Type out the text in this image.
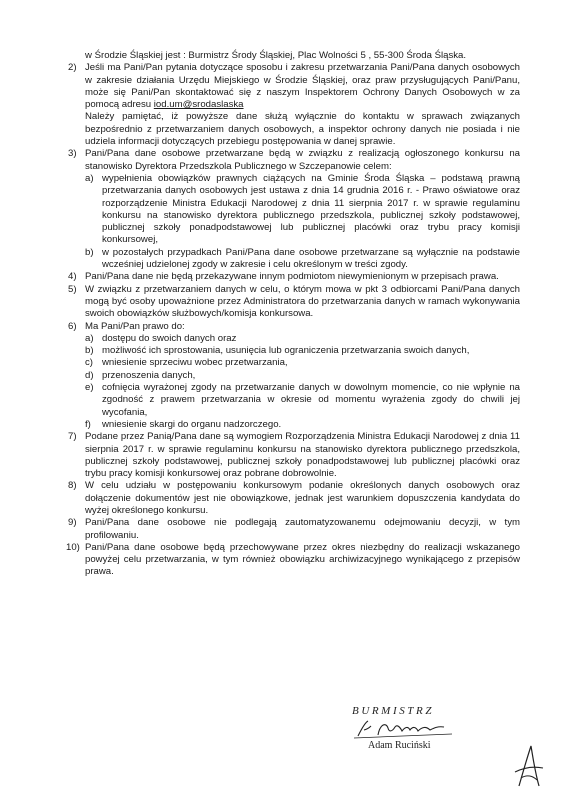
w Środzie Śląskiej jest : Burmistrz Środy Śląskiej, Plac Wolności 5 , 55-300 Środa Śląska.
2) Jeśli ma Pani/Pan pytania dotyczące sposobu i zakresu przetwarzania Pani/Pana danych osobowych w zakresie działania Urzędu Miejskiego w Środzie Śląskiej, oraz praw przysługujących Pani/Panu, może się Pani/Pan skontaktować się z naszym Inspektorem Ochrony Danych Osobowych w za pomocą adresu iod.um@srodaslaska
Należy pamiętać, iż powyższe dane służą wyłącznie do kontaktu w sprawach związanych bezpośrednio z przetwarzaniem danych osobowych, a inspektor ochrony danych nie posiada i nie udziela informacji dotyczących przebiegu postępowania w danej sprawie.
3) Pani/Pana dane osobowe przetwarzane będą w związku z realizacją ogłoszonego konkursu na stanowisko Dyrektora Przedszkola Publicznego w Szczepanowie celem:
a) wypełnienia obowiązków prawnych ciążących na Gminie Środa Śląska – podstawą prawną przetwarzania danych osobowych jest ustawa z dnia 14 grudnia 2016 r. - Prawo oświatowe oraz rozporządzenie Ministra Edukacji Narodowej z dnia 11 sierpnia 2017 r. w sprawie regulaminu konkursu na stanowisko dyrektora publicznego przedszkola, publicznej szkoły podstawowej, publicznej szkoły ponadpodstawowej lub publicznej placówki oraz trybu pracy komisji konkursowej,
b) w pozostałych przypadkach Pani/Pana dane osobowe przetwarzane są wyłącznie na podstawie wcześniej udzielonej zgody w zakresie i celu określonym w treści zgody.
4) Pani/Pana dane nie będą przekazywane innym podmiotom niewymienionym w przepisach prawa.
5) W związku z przetwarzaniem danych w celu, o którym mowa w pkt 3 odbiorcami Pani/Pana danych mogą być osoby upoważnione przez Administratora do przetwarzania danych w ramach wykonywania swoich obowiązków służbowych/komisja konkursowa.
6) Ma Pani/Pan prawo do:
a) dostępu do swoich danych oraz
b) możliwość ich sprostowania, usunięcia lub ograniczenia przetwarzania swoich danych,
c) wniesienie sprzeciwu wobec przetwarzania,
d) przenoszenia danych,
e) cofnięcia wyrażonej zgody na przetwarzanie danych w dowolnym momencie, co nie wpłynie na zgodność z prawem przetwarzania w okresie od momentu wyrażenia zgody do chwili jej wycofania,
f) wniesienie skargi do organu nadzorczego.
7) Podane przez Panią/Pana dane są wymogiem Rozporządzenia Ministra Edukacji Narodowej z dnia 11 sierpnia 2017 r. w sprawie regulaminu konkursu na stanowisko dyrektora publicznego przedszkola, publicznej szkoły podstawowej, publicznej szkoły ponadpodstawowej lub publicznej placówki oraz trybu pracy komisji konkursowej oraz pobrane dobrowolnie.
8) W celu udziału w postępowaniu konkursowym podanie określonych danych osobowych oraz dołączenie dokumentów jest nie obowiązkowe, jednak jest warunkiem dopuszczenia kandydata do wyżej określonego konkursu.
9) Pani/Pana dane osobowe nie podlegają zautomatyzowanemu odejmowaniu decyzji, w tym profilowaniu.
10) Pani/Pana dane osobowe będą przechowywane przez okres niezbędny do realizacji wskazanego powyżej celu przetwarzania, w tym również obowiązku archiwizacyjnego wynikającego z przepisów prawa.
BURMISTRZ
Adam Ruciński
